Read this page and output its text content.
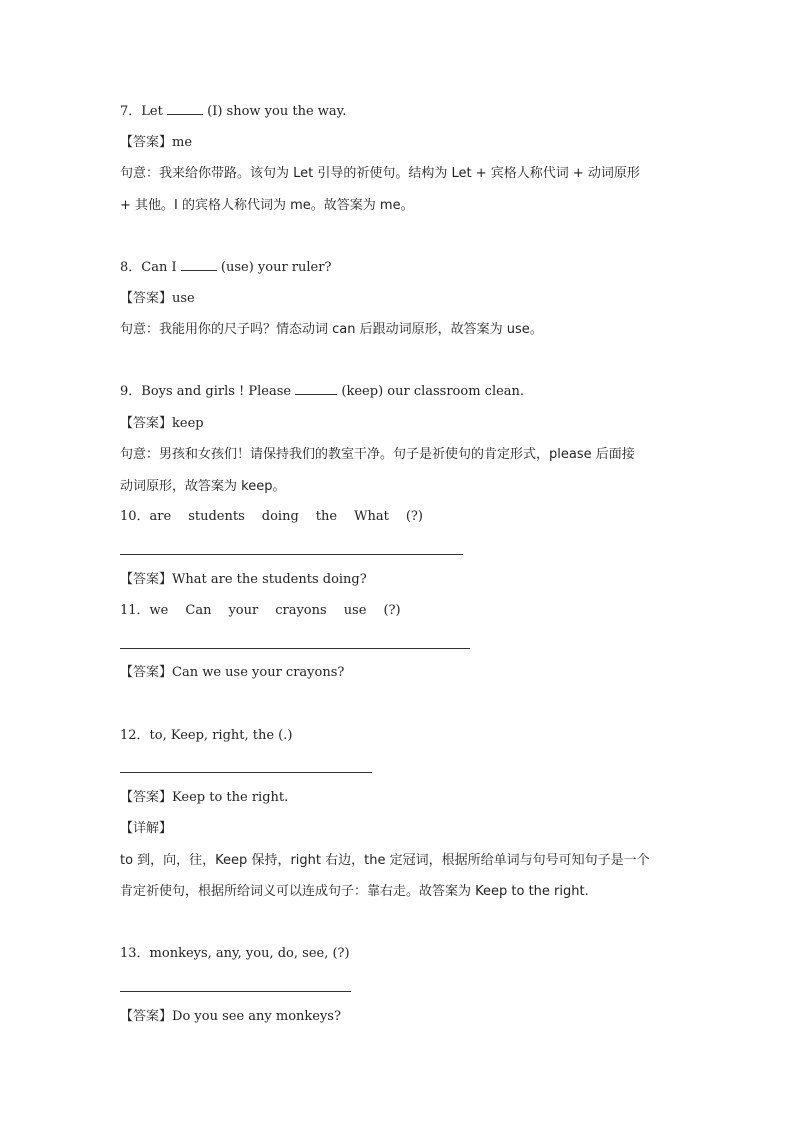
7．Let	(I) show you the way.
【答案】me
句意：我来给你带路。该句为 Let 引导的祈使句。结构为 Let + 宾格人称代词 + 动词原形
+ 其他。I 的宾格人称代词为 me。故答案为 me。
8．Can I	(use) your ruler?
【答案】use
句意：我能用你的尺子吗？情态动词 can 后跟动词原形，故答案为 use。
9．Boys and girls ! Please	(keep) our classroom clean.
【答案】keep
句意：男孩和女孩们！请保持我们的教室干净。句子是祈使句的肯定形式，please 后面接
动词原形，故答案为 keep。
10．are students doing the What (?)
【答案】What are the students doing?
11．we Can your crayons use (?)
【答案】Can we use your crayons?
12．to, Keep, right, the (.)
【答案】Keep to the right.
【详解】
to 到，向，往，Keep 保持，right 右边，the 定冠词，根据所给单词与句号可知句子是一个
肯定祈使句，根据所给词义可以连成句子：靠右走。故答案为 Keep to the right.
13．monkeys, any, you, do, see, (?)
【答案】Do you see any monkeys?
